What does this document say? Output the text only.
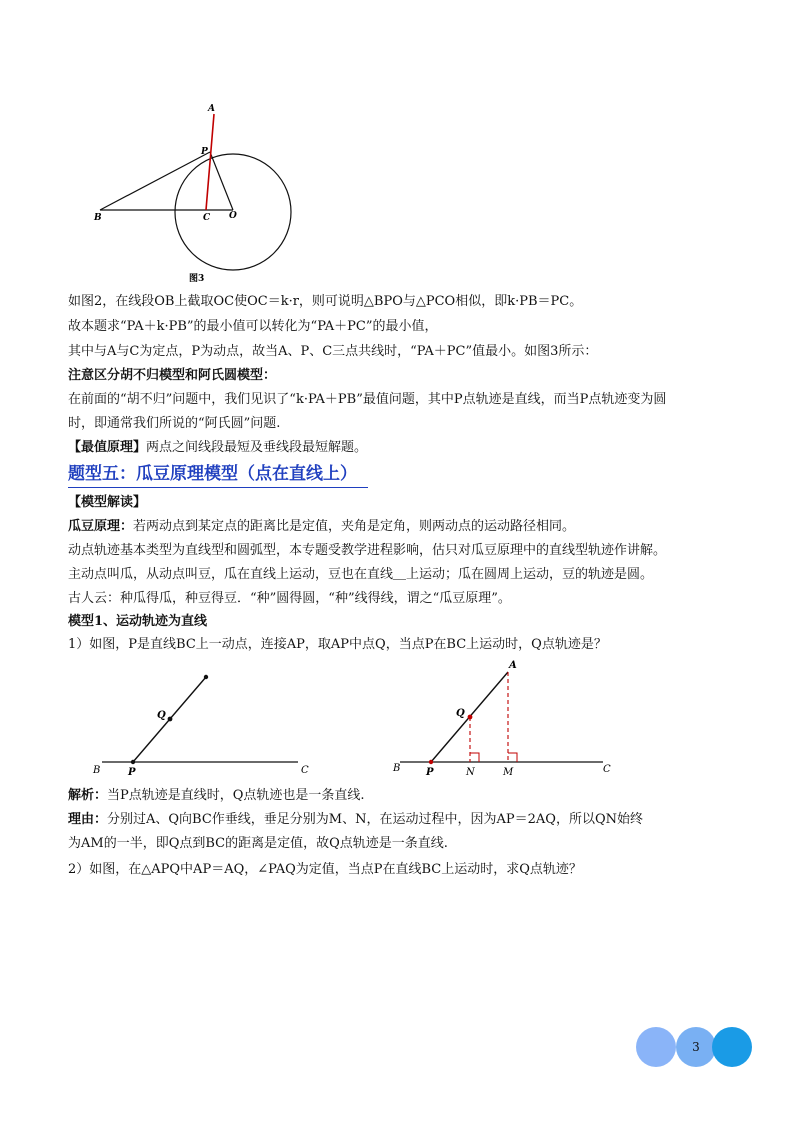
A
P
B	C O
图3
如图2，在线段OB上截取OC使OC＝k·r，则可说明△BPO与△PCO相似，即k·PB＝PC。
故本题求“PA＋k·PB”的最小值可以转化为“PA＋PC”的最小值，
其中与A与C为定点，P为动点，故当A、P、C三点共线时，“PA＋PC”值最小。如图3所示：
注意区分胡不归模型和阿氏圆模型：
在前面的“胡不归”问题中，我们见识了“k·PA＋PB”最值问题，其中P点轨迹是直线，而当P点轨迹变为圆
时，即通常我们所说的“阿氏圆”问题.
【最值原理】两点之间线段最短及垂线段最短解题。
题型五：瓜豆原理模型（点在直线上）
【模型解读】
瓜豆原理：若两动点到某定点的距离比是定值，夹角是定角，则两动点的运动路径相同。
动点轨迹基本类型为直线型和圆弧型，本专题受教学进程影响，估只对瓜豆原理中的直线型轨迹作讲解。
主动点叫瓜，从动点叫豆，瓜在直线上运动，豆也在直线＿上运动；瓜在圆周上运动，豆的轨迹是圆。
古人云：种瓜得瓜，种豆得豆．“种”圆得圆，“种”线得线，谓之“瓜豆原理”。
模型1、运动轨迹为直线
1）如图，P是直线BC上一动点，连接AP，取AP中点Q，当点P在BC上运动时，Q点轨迹是？
Q
B	P	C
A
Q
B	P	N	M	C
解析：当P点轨迹是直线时，Q点轨迹也是一条直线.
理由：分别过A、Q向BC作垂线，垂足分别为M、N，在运动过程中，因为AP＝2AQ，所以QN始终
为AM的一半，即Q点到BC的距离是定值，故Q点轨迹是一条直线.
2）如图，在△APQ中AP＝AQ，∠PAQ为定值，当点P在直线BC上运动时，求Q点轨迹？
3
